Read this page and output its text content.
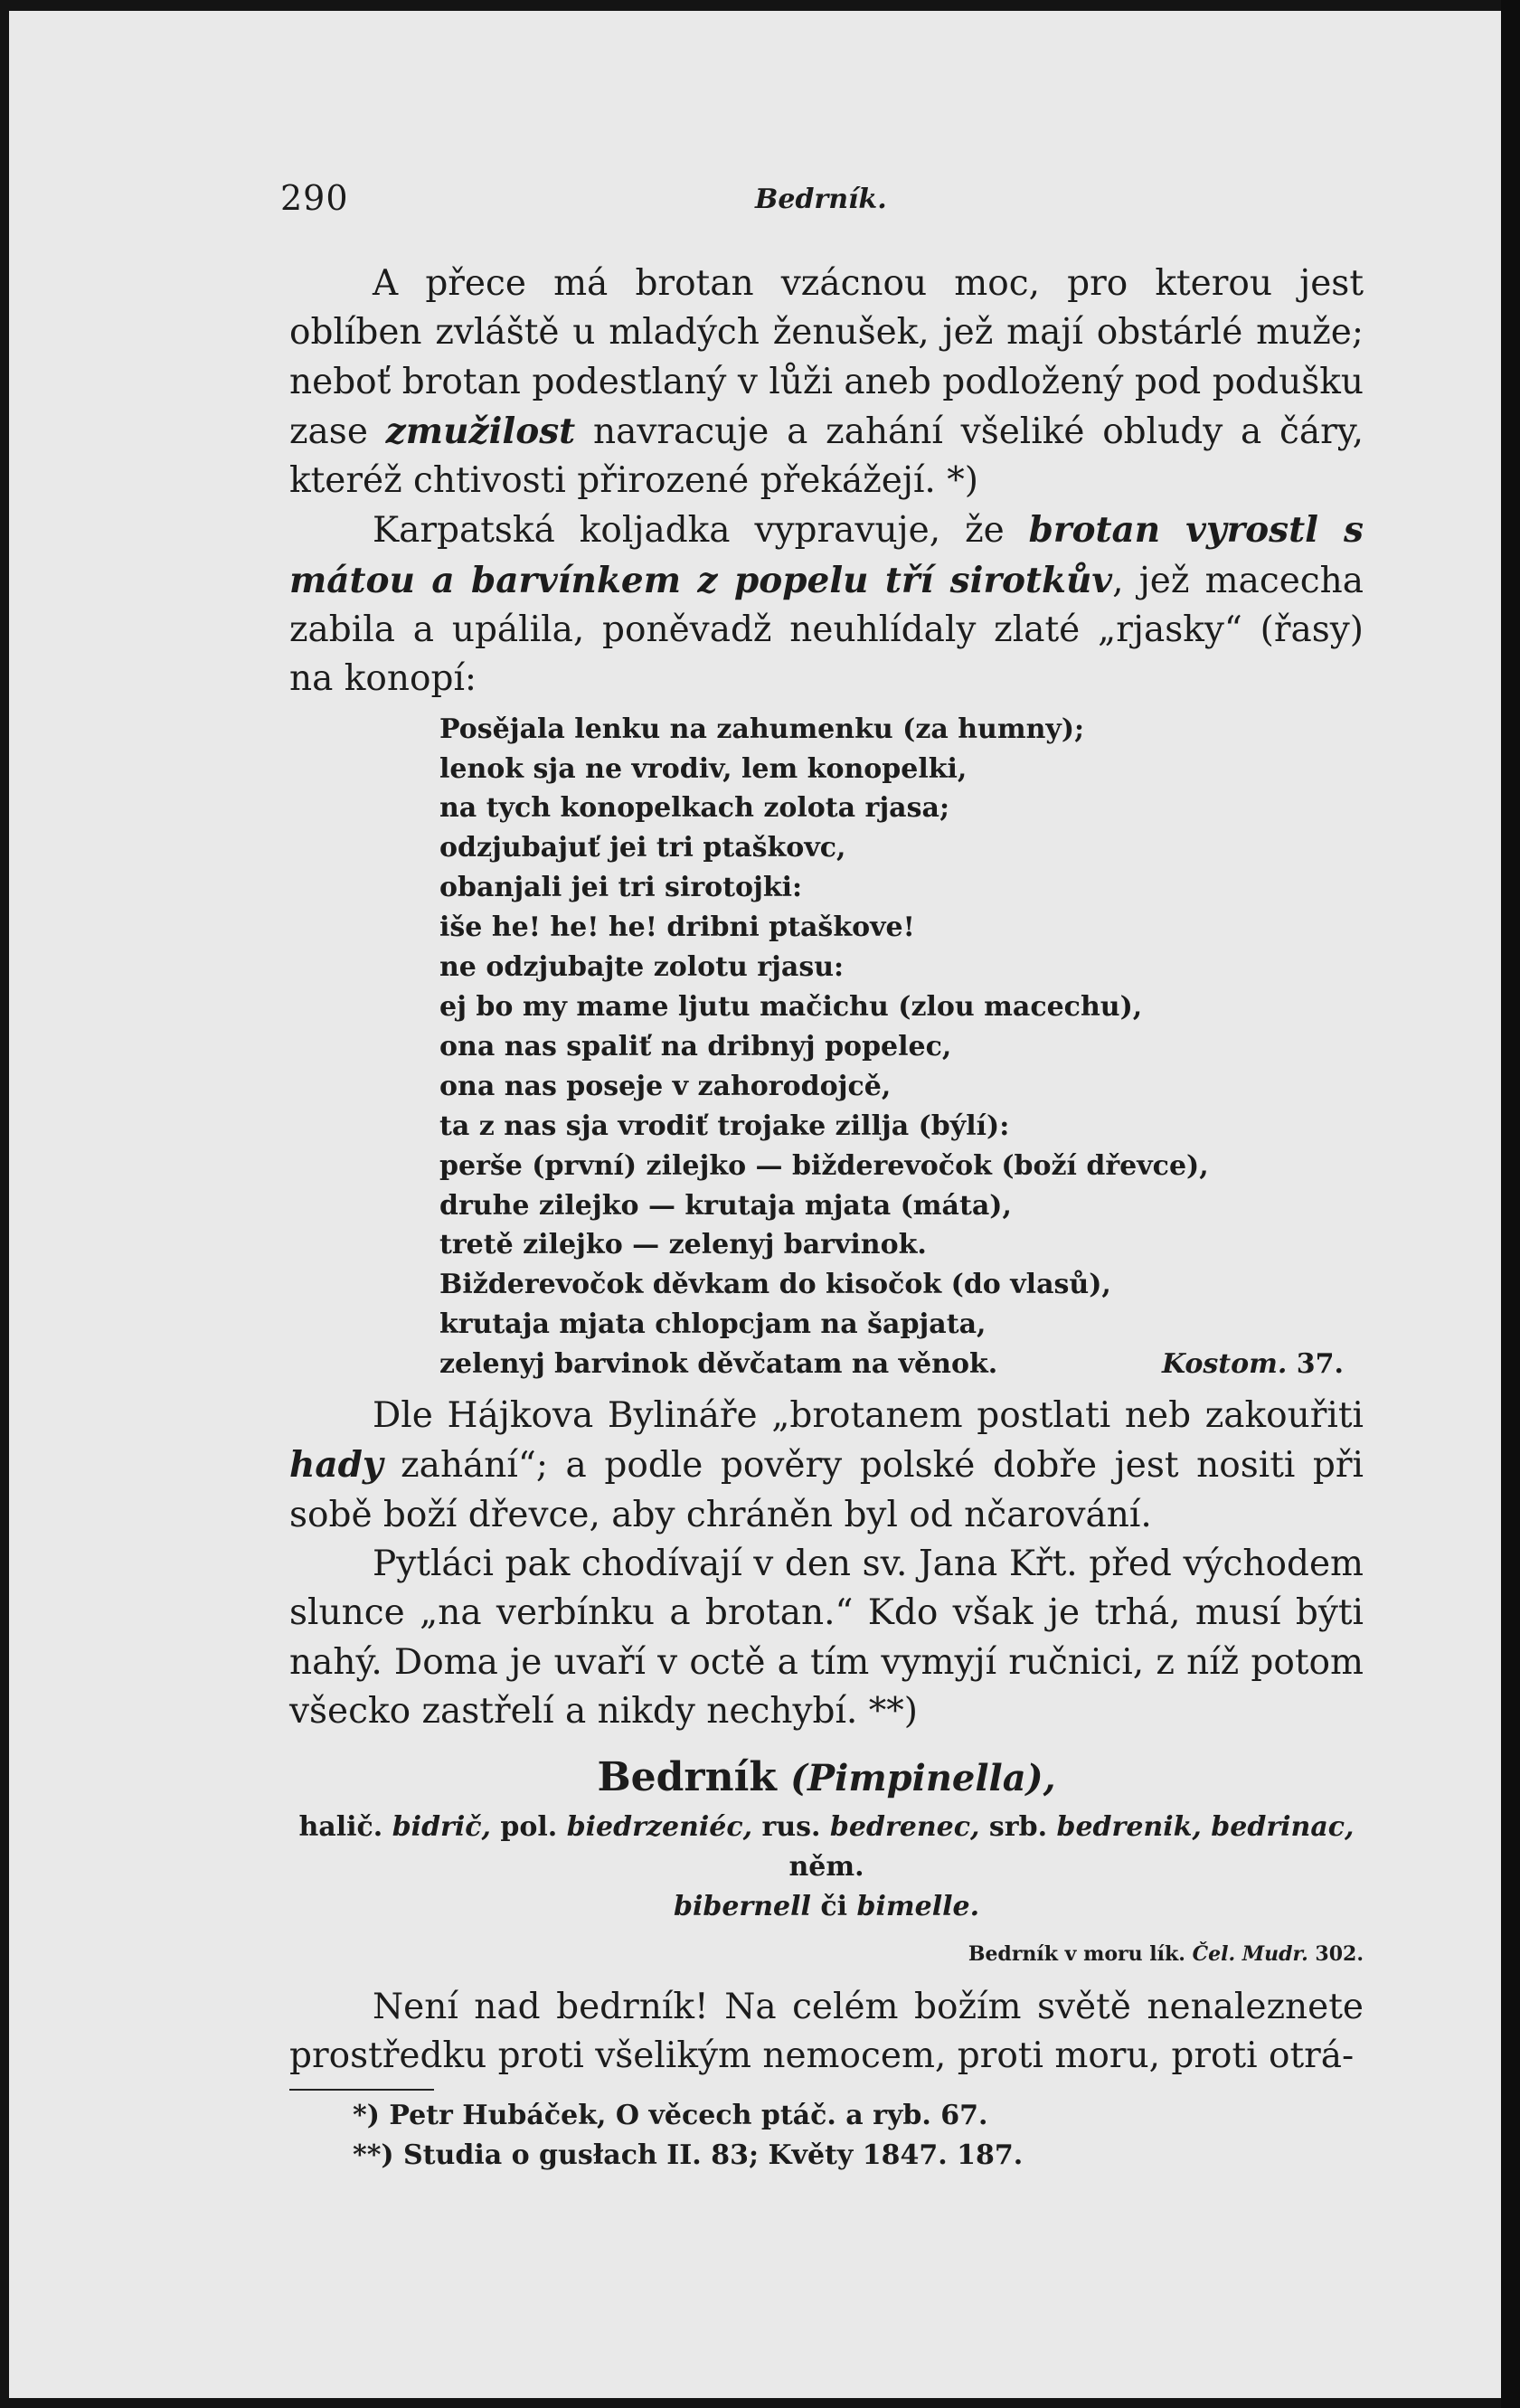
290	Bedrník.

A přece má brotan vzácnou moc, pro kterou jest oblíben zvláště u mladých ženušek, jež mají obstárlé muže; neboť brotan podestlaný v lůži aneb podložený pod podušku zase zmužilost navracuje a zahání všeliké obludy a čáry, kteréž chtivosti přirozené překážejí. *)

Karpatská koljadka vypravuje, že brotan vyrostl s mátou a barvínkem z popelu tří sirotkův, jež macecha zabila a upálila, poněvadž neuhlídaly zlaté „rjasky“ (řasy) na konopí:

Posějala lenku na zahumenku (za humny);
lenok sja ne vrodiv, lem konopelki,
na tych konopelkach zolota rjasa;
odzjubajuť jei tri ptaškovc,
obanjali jei tri sirotojki:
išе he! he! he! dribni ptaškove!
ne odzjubajte zolotu rjasu:
ej bo my mame ljutu mačichu (zlou macechu),
ona nas spaliť na dribnyj popelec,
ona nas poseje v zahorodojcě,
ta z nas sja vrodiť trojake zillja (býlí):
perše (první) zilejko — biždеrevočok (boží dřevce),
druhe zilejko — krutaja mjata (máta),
tretě zilejko — zelenyj barvinok.
Biždеrevočok děvkam do kisočok (do vlasů),
krutaja mjata chlopcjam na šapjata,
zelenyj barvinok děvčatam na věnok.	Kostom. 37.

Dle Hájkova Bylináře „brotanem postlati neb zakouřiti hady zahání“; a podle pověry polské dobře jest nositi při sobě boží dřevce, aby chráněn byl od nčarování.

Pytláci pak chodívají v den sv. Jana Křt. před východem slunce „na verbínku a brotan.“ Kdo však je trhá, musí býti nahý. Doma je uvaří v octě a tím vymyjí ručnici, z níž potom všecko zastřelí a nikdy nechybí. **)

Bedrník (Pimpinella),
halič. bidrič, pol. biedrzeniéc, rus. bedrenec, srb. bedrenik, bedrinac, něm.
bibernell či bimelle.
Bedrník v moru lík. Čel. Mudr. 302.

Není nad bedrník! Na celém božím světě nenaleznete prostředku proti všelikým nemocem, proti moru, proti otrá-

*) Petr Hubáček, O věcech ptáč. a ryb. 67.
**) Studia o gusłach II. 83; Květy 1847. 187.
